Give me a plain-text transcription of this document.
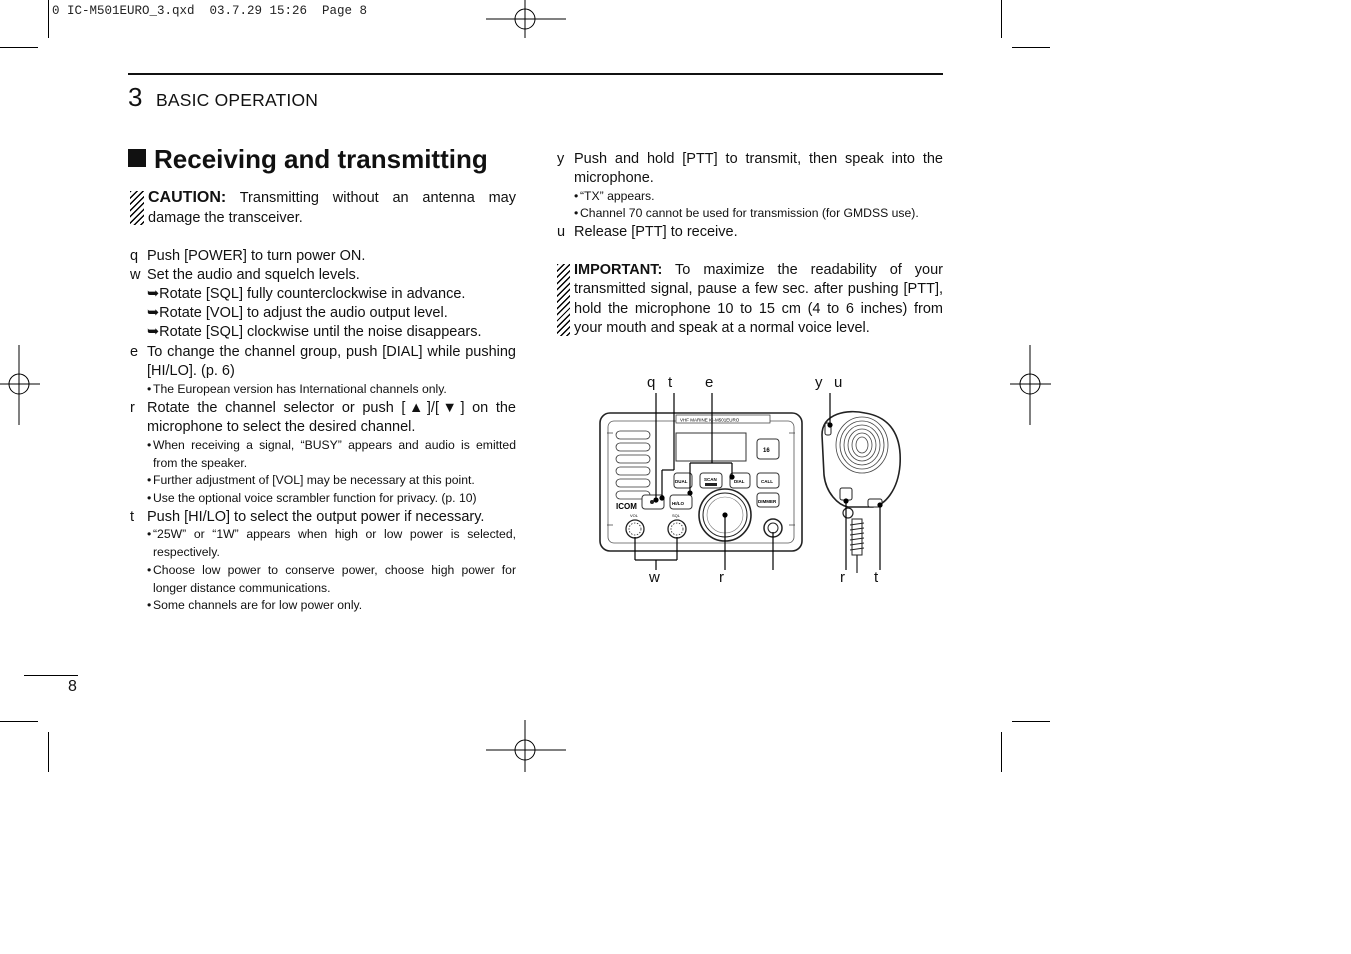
0 IC-M501EURO_3.qxd  03.7.29 15:26  Page 8
3 BASIC OPERATION
Receiving and transmitting
CAUTION: Transmitting without an antenna may damage the transceiver.
q Push [POWER] to turn power ON.
w Set the audio and squelch levels.
➥Rotate [SQL] fully counterclockwise in advance.
➥Rotate [VOL] to adjust the audio output level.
➥Rotate [SQL] clockwise until the noise disappears.
e To change the channel group, push [DIAL] while pushing [HI/LO]. (p. 6)
• The European version has International channels only.
r Rotate the channel selector or push [▲]/[▼] on the microphone to select the desired channel.
• When receiving a signal, “BUSY” appears and audio is emitted from the speaker.
• Further adjustment of [VOL] may be necessary at this point.
• Use the optional voice scrambler function for privacy. (p. 10)
t Push [HI/LO] to select the output power if necessary.
• “25W” or “1W” appears when high or low power is selected, respectively.
• Choose low power to conserve power, choose high power for longer distance communications.
• Some channels are for low power only.
y Push and hold [PTT] to transmit, then speak into the microphone.
• “TX” appears.
• Channel 70 cannot be used for transmission (for GMDSS use).
u Release [PTT] to receive.
IMPORTANT: To maximize the readability of your transmitted signal, pause a few sec. after pushing [PTT], hold the microphone 10 to 15 cm (4 to 6 inches) from your mouth and speak at a normal voice level.
q t e	y u
w	r	r t
VHF MARINE IC-M501EURO
16
DUAL	SCAN	DIAL	CALL
HI/LO	DIMMER
ICOM
VOL	SQL
8
